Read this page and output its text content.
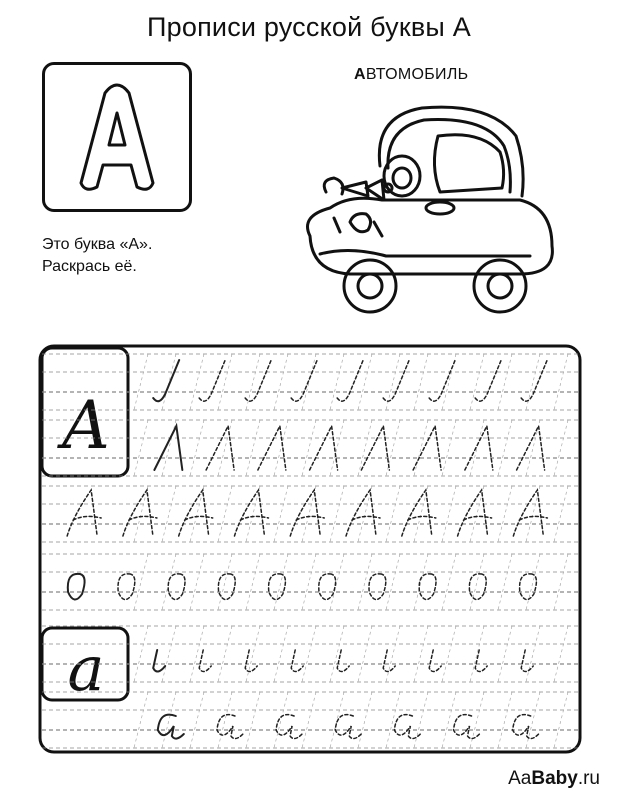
Прописи русской буквы А
АВТОМОБИЛЬ
Это буква «А».
Раскрась её.
A
a
AaBaby.ru
